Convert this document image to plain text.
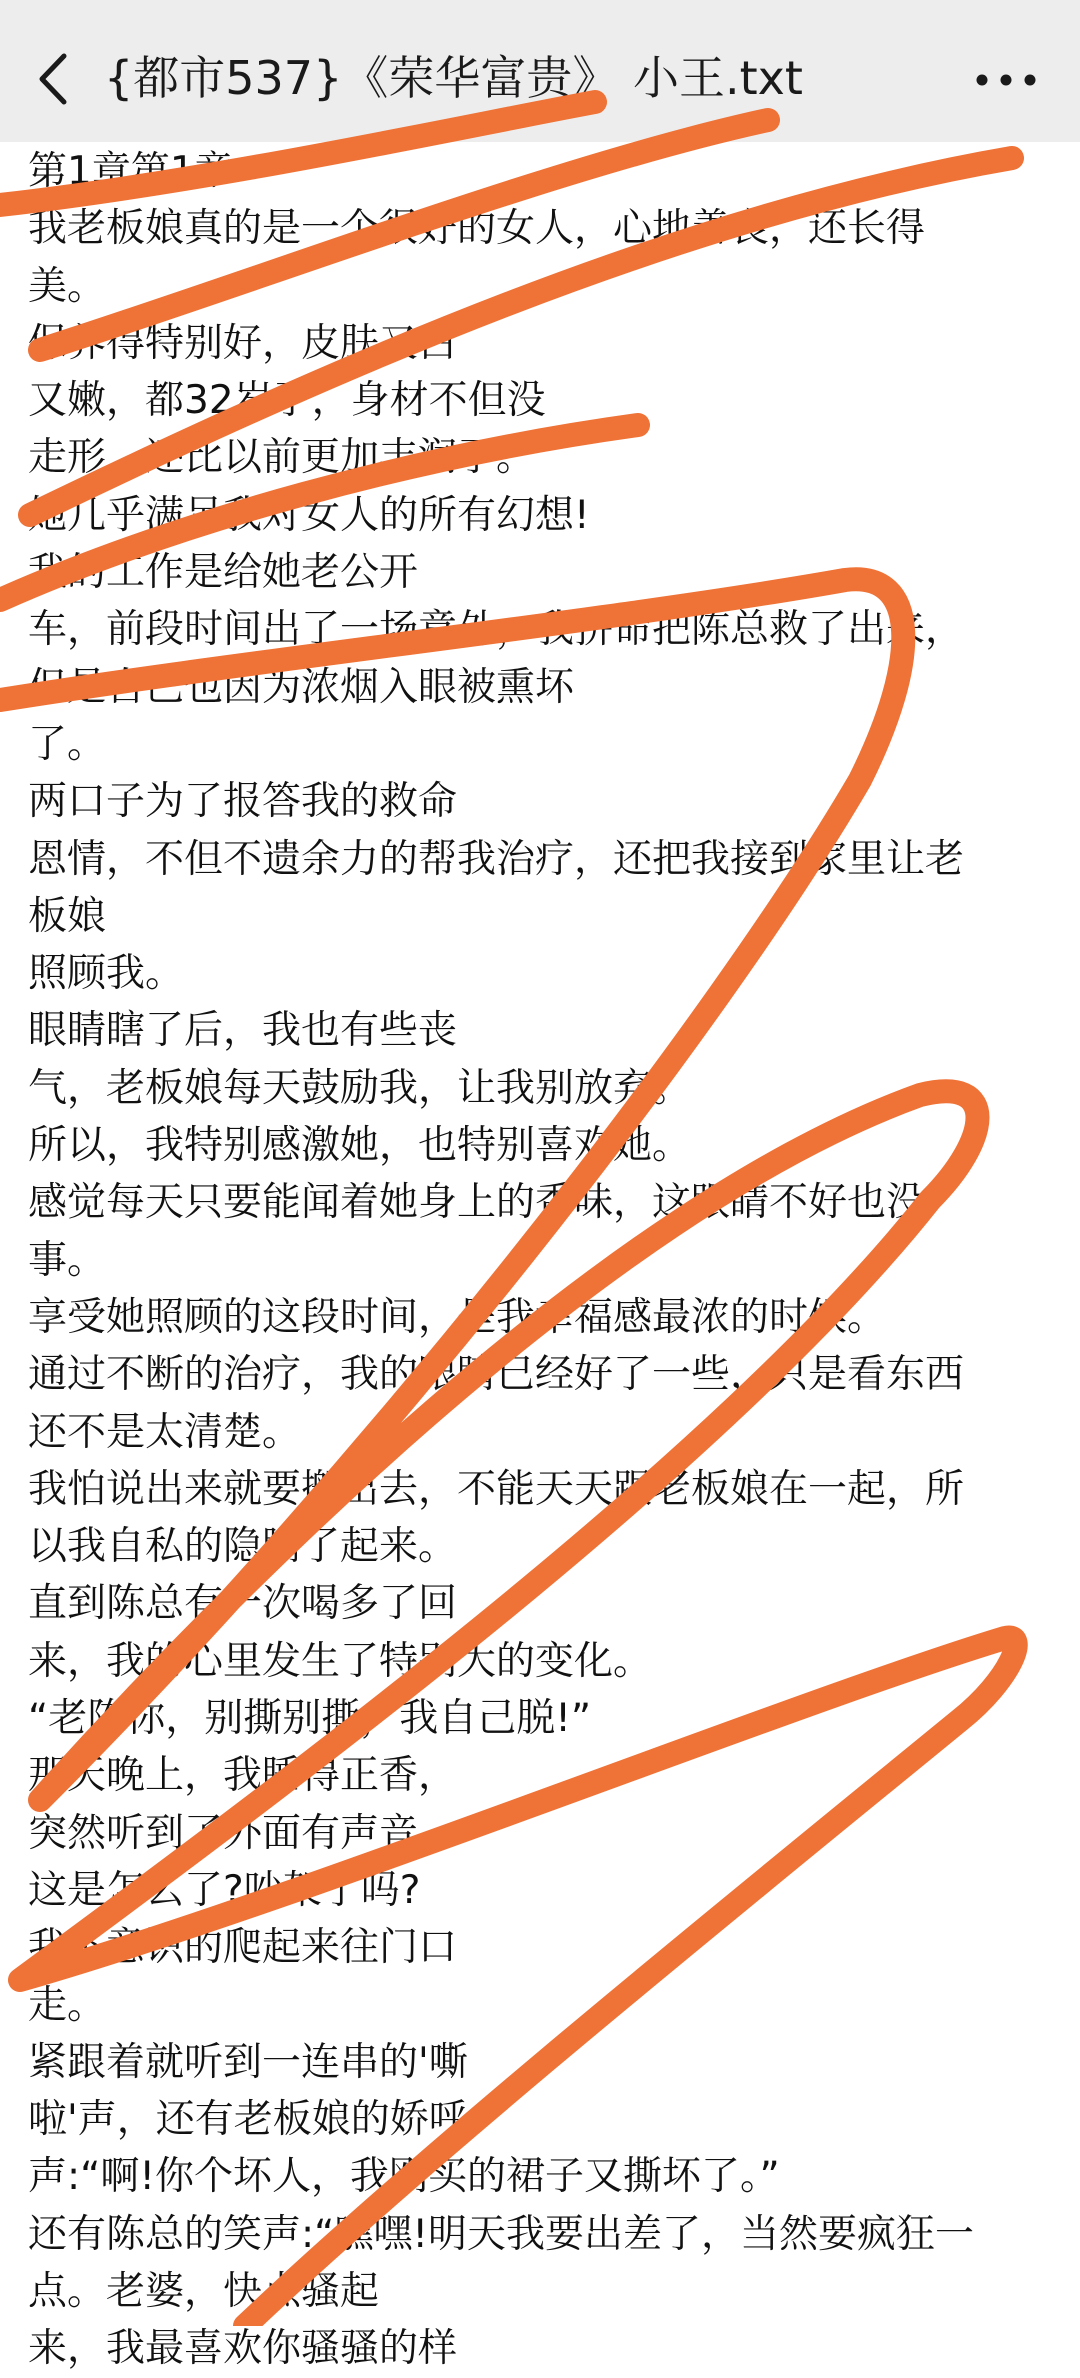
{都市537}《荣华富贵》 小王.txt
第1章第1章
我老板娘真的是一个很好的女人，心地善良，还长得
美。
保养得特别好，皮肤又白
又嫩，都32岁了，身材不但没
走形，还比以前更加丰润了。
她几乎满足我对女人的所有幻想!
我的工作是给她老公开
车，前段时间出了一场意外，我拼命把陈总救了出来，
但是自己也因为浓烟入眼被熏坏
了。
两口子为了报答我的救命
恩情，不但不遗余力的帮我治疗，还把我接到家里让老
板娘
照顾我。
眼睛瞎了后，我也有些丧
气，老板娘每天鼓励我，让我别放弃。
所以，我特别感激她，也特别喜欢她。
感觉每天只要能闻着她身上的香味，这眼睛不好也没
事。
享受她照顾的这段时间，是我幸福感最浓的时候。
通过不断的治疗，我的眼睛已经好了一些，只是看东西
还不是太清楚。
我怕说出来就要搬出去，不能天天跟老板娘在一起，所
以我自私的隐瞒了起来。
直到陈总有一次喝多了回
来，我的心里发生了特别大的变化。
“老陈你，别撕别撕，我自己脱!”
那天晚上，我睡得正香，
突然听到了外面有声音。
这是怎么了?吵架了吗?
我下意识的爬起来往门口
走。
紧跟着就听到一连串的'嘶
啦'声，还有老板娘的娇呼
声:“啊!你个坏人，我刚买的裙子又撕坏了。”
还有陈总的笑声:“嘿嘿!明天我要出差了，当然要疯狂一
点。老婆，快点骚起
来，我最喜欢你骚骚的样
